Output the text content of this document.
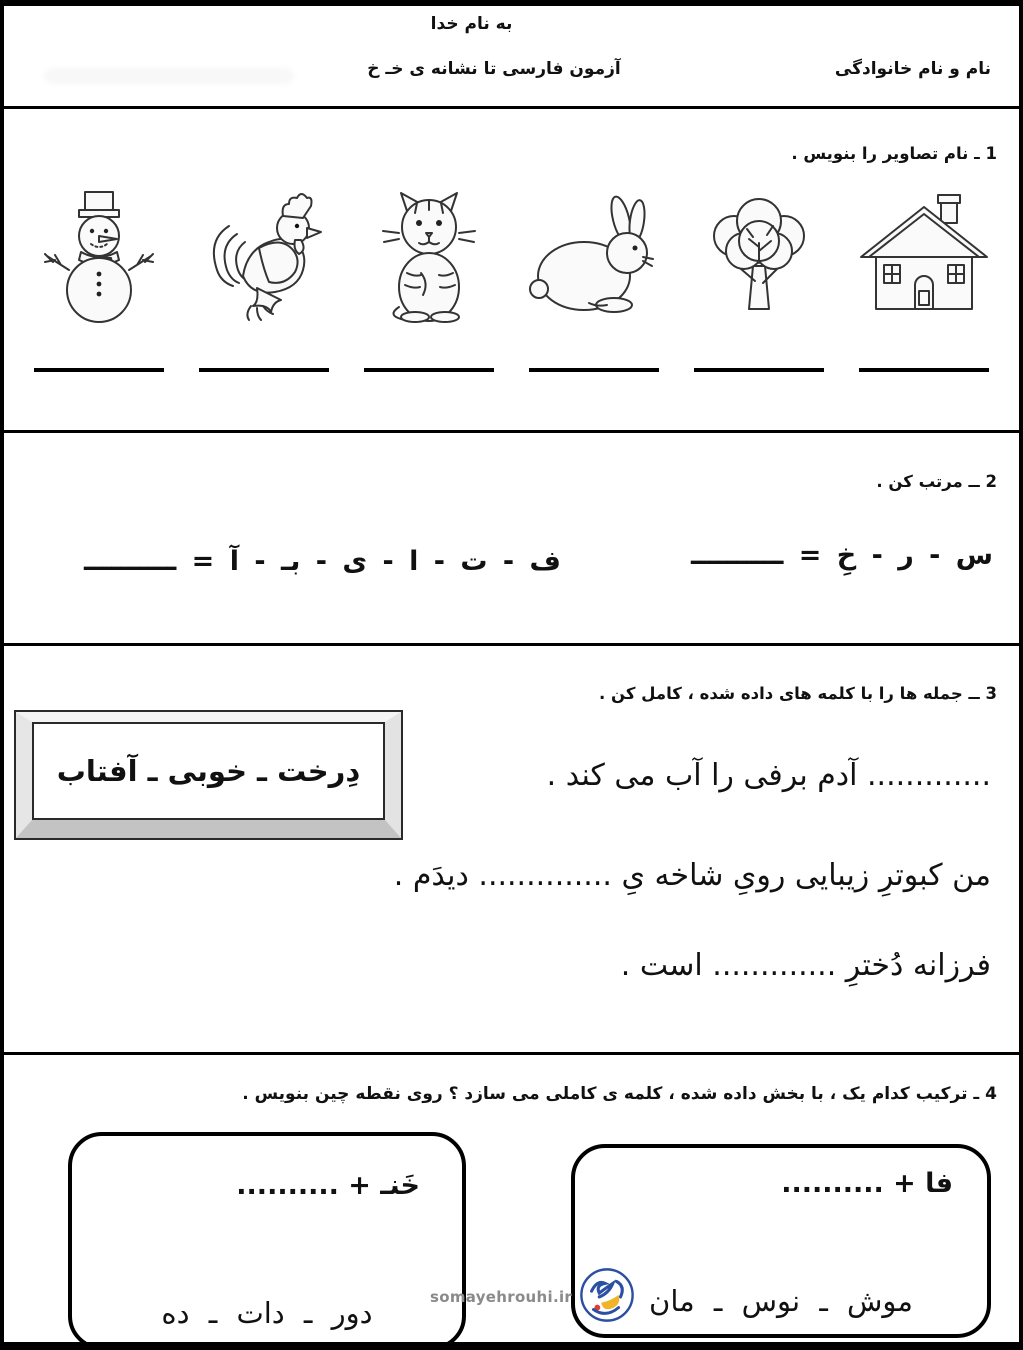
به نام خدا
آزمون فارسی تا نشانه ی خـ خ	نام و نام خانوادگی
1 ـ نام تصاویر را بنویس .
2 ــ مرتب کن .
س - ر - خِ = ــــــــــ
ف - ت - ا - ی - بـ - آ = ــــــــــ
3 ــ جمله ها را با کلمه های داده شده ، کامل کن .
دِرخت ـ خوبی ـ آفتاب	............. آدم برفی را آب می کند .
من کبوترِ زیبایی رویِ شاخه یِ .............. دیدَم .
فرزانه دُخترِ ............. است .
4 ـ ترکیب کدام یک ، با بخش داده شده ، کلمه ی کاملی می سازد ؟ روی نقطه چین بنویس .
فا + ..........
موش ـ نوس ـ مان
خَنـ + ..........
دور ـ دات ـ ده	somayehrouhi.ir
